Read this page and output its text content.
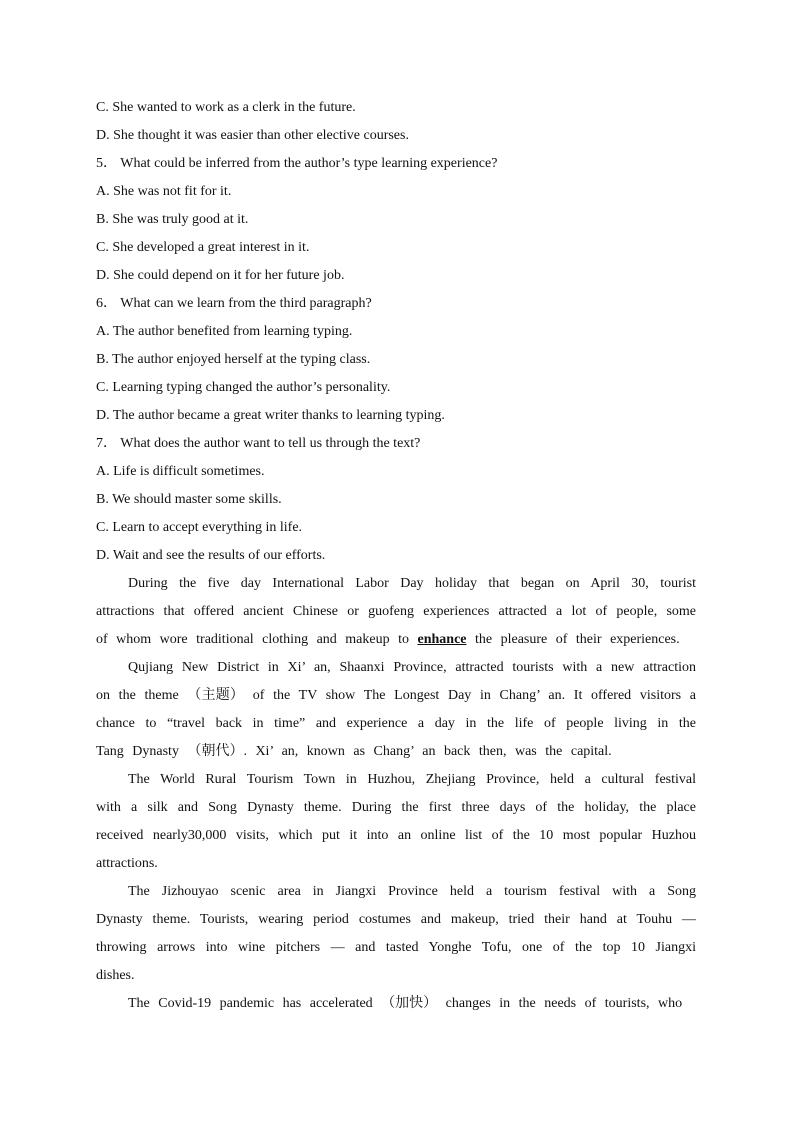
C. She wanted to work as a clerk in the future.
D. She thought it was easier than other elective courses.
5． What could be inferred from the author’s type learning experience?
A. She was not fit for it.
B. She was truly good at it.
C. She developed a great interest in it.
D. She could depend on it for her future job.
6． What can we learn from the third paragraph?
A. The author benefited from learning typing.
B. The author enjoyed herself at the typing class.
C. Learning typing changed the author’s personality.
D. The author became a great writer thanks to learning typing.
7． What does the author want to tell us through the text?
A. Life is difficult sometimes.
B. We should master some skills.
C. Learn to accept everything in life.
D. Wait and see the results of our efforts.

During the five day International Labor Day holiday that began on April 30, tourist attractions that offered ancient Chinese or guofeng experiences attracted a lot of people, some of whom wore traditional clothing and makeup to enhance the pleasure of their experiences.

Qujiang New District in Xi’ an, Shaanxi Province, attracted tourists with a new attraction on the theme （主题） of the TV show The Longest Day in Chang’ an. It offered visitors a chance to “travel back in time” and experience a day in the life of people living in the Tang Dynasty （朝代）. Xi’ an, known as Chang’ an back then, was the capital.

The World Rural Tourism Town in Huzhou, Zhejiang Province, held a cultural festival with a silk and Song Dynasty theme. During the first three days of the holiday, the place received nearly30,000 visits, which put it into an online list of the 10 most popular Huzhou attractions.

The Jizhouyao scenic area in Jiangxi Province held a tourism festival with a Song Dynasty theme. Tourists, wearing period costumes and makeup, tried their hand at Touhu — throwing arrows into wine pitchers — and tasted Yonghe Tofu, one of the top 10 Jiangxi dishes.

The Covid-19 pandemic has accelerated （加快） changes in the needs of tourists, who
